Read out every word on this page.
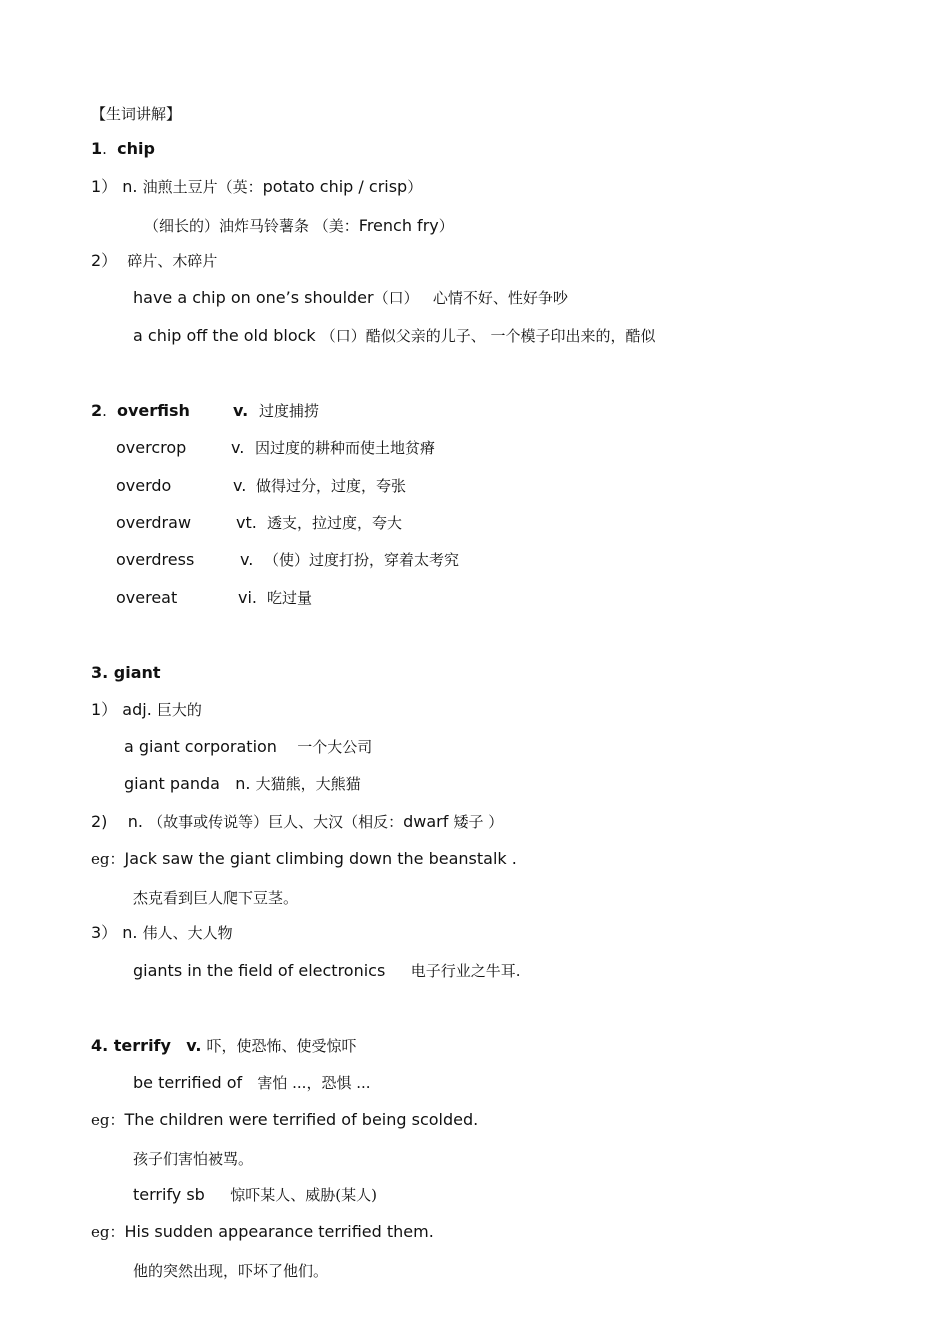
【生词讲解】
1. chip
1） n. 油煎土豆片（英：potato chip / crisp）
（细长的）油炸马铃薯条 （美：French fry）
2） 碎片、木碎片
have a chip on one’s shoulder（口）   心情不好、性好争吵
a chip off the old block （口）酷似父亲的儿子、 一个模子印出来的，酷似
2. overfish	v. 过度捕捞
overcrop	v. 因过度的耕种而使土地贫瘠
overdo	v. 做得过分，过度，夸张
overdraw	vt. 透支，拉过度，夸大
overdress	v. （使）过度打扮，穿着太考究
overeat	vi. 吃过量
3. giant
1） adj. 巨大的
a giant corporation 一个大公司
giant panda n. 大猫熊，大熊猫
2) n. （故事或传说等）巨人、大汉（相反：dwarf 矮子 ）
eg：Jack saw the giant climbing down the beanstalk .
杰克看到巨人爬下豆茎。
3） n. 伟人、大人物
giants in the field of electronics 电子行业之牛耳.
4. terrify v. 吓，使恐怖、使受惊吓
be terrified of 害怕 ...，恐惧 ...
eg：The children were terrified of being scolded.
孩子们害怕被骂。
terrify sb 惊吓某人、威胁(某人)
eg：His sudden appearance terrified them.
他的突然出现，吓坏了他们。
